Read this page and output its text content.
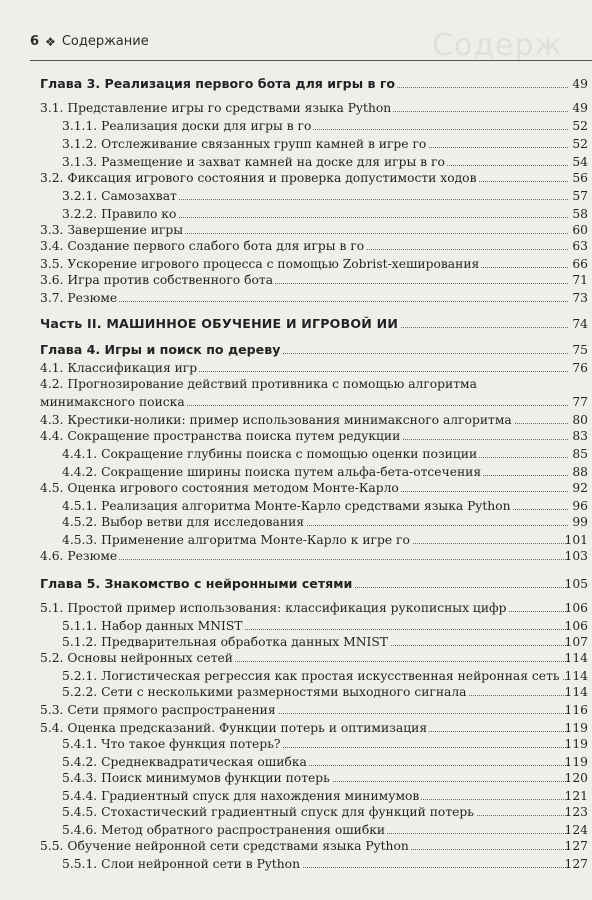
Содерж
6 ❖ Содержание
Глава 3. Реализация первого бота для игры в го	49
3.1. Представление игры го средствами языка Python	49
3.1.1. Реализация доски для игры в го	52
3.1.2. Отслеживание связанных групп камней в игре го	52
3.1.3. Размещение и захват камней на доске для игры в го	54
3.2. Фиксация игрового состояния и проверка допустимости ходов	56
3.2.1. Самозахват	57
3.2.2. Правило ко	58
3.3. Завершение игры	60
3.4. Создание первого слабого бота для игры в го	63
3.5. Ускорение игрового процесса с помощью Zobrist-хеширования	66
3.6. Игра против собственного бота	71
3.7. Резюме	73
Часть II. МАШИННОЕ ОБУЧЕНИЕ И ИГРОВОЙ ИИ	74
Глава 4. Игры и поиск по дереву	75
4.1. Классификация игр	76
4.2. Прогнозирование действий противника с помощью алгоритма
минимаксного поиска	77
4.3. Крестики-нолики: пример использования минимаксного алгоритма	80
4.4. Сокращение пространства поиска путем редукции	83
4.4.1. Сокращение глубины поиска с помощью оценки позиции	85
4.4.2. Сокращение ширины поиска путем альфа-бета-отсечения	88
4.5. Оценка игрового состояния методом Монте-Карло	92
4.5.1. Реализация алгоритма Монте-Карло средствами языка Python	96
4.5.2. Выбор ветви для исследования	99
4.5.3. Применение алгоритма Монте-Карло к игре го	101
4.6. Резюме	103
Глава 5. Знакомство с нейронными сетями	105
5.1. Простой пример использования: классификация рукописных цифр	106
5.1.1. Набор данных MNIST	106
5.1.2. Предварительная обработка данных MNIST	107
5.2. Основы нейронных сетей	114
5.2.1. Логистическая регрессия как простая искусственная нейронная сеть 114
5.2.2. Сети с несколькими размерностями выходного сигнала	114
5.3. Сети прямого распространения	116
5.4. Оценка предсказаний. Функции потерь и оптимизация	119
5.4.1. Что такое функция потерь?	119
5.4.2. Среднеквадратическая ошибка	119
5.4.3. Поиск минимумов функции потерь	120
5.4.4. Градиентный спуск для нахождения минимумов	121
5.4.5. Стохастический градиентный спуск для функций потерь	123
5.4.6. Метод обратного распространения ошибки	124
5.5. Обучение нейронной сети средствами языка Python	127
5.5.1. Слои нейронной сети в Python	127
